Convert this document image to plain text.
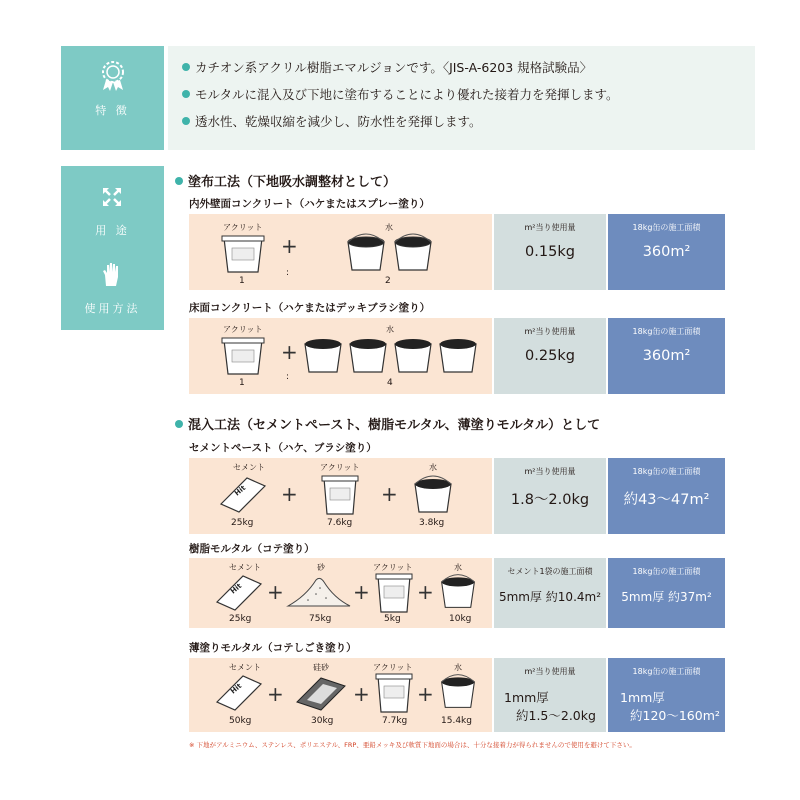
特 徴
カチオン系アクリル樹脂エマルジョンです。〈JIS-A-6203 規格試験品〉
モルタルに混入及び下地に塗布することにより優れた接着力を発揮します。
透水性、乾燥収縮を減少し、防水性を発揮します。
用 途
使用方法
塗布工法（下地吸水調整材として）
内外壁面コンクリート（ハケまたはスプレー塗り）
アクリット
1
+
:
水
2
m²当り使用量
0.15kg
18kg缶の施工面積
360m²
床面コンクリート（ハケまたはデッキブラシ塗り）
アクリット
1
+
:
水
4
m²当り使用量
0.25kg
18kg缶の施工面積
360m²
混入工法（セメントペースト、樹脂モルタル、薄塗りモルタル）として
セメントペースト（ハケ、ブラシ塗り）
セメント
Hit
25kg
+
アクリット
7.6kg
+
水
3.8kg
m²当り使用量
1.8～2.0kg
18kg缶の施工面積
約43～47m²
樹脂モルタル（コテ塗り）
セメント
Hit
25kg
+
砂
75kg
+
アクリット
5kg
+
水
10kg
セメント1袋の施工面積
5mm厚 約10.4m²
18kg缶の施工面積
5mm厚 約37m²
薄塗りモルタル（コテしごき塗り）
セメント
Hit
50kg
+
硅砂
30kg
+
アクリット
7.7kg
+
水
15.4kg
m²当り使用量
1mm厚
約1.5～2.0kg
18kg缶の施工面積
1mm厚
約120～160m²
※ 下地がアルミニウム、ステンレス、ポリエステル、FRP、亜鉛メッキ及び軟質下地面の場合は、十分な接着力が得られませんので使用を避けて下さい。
